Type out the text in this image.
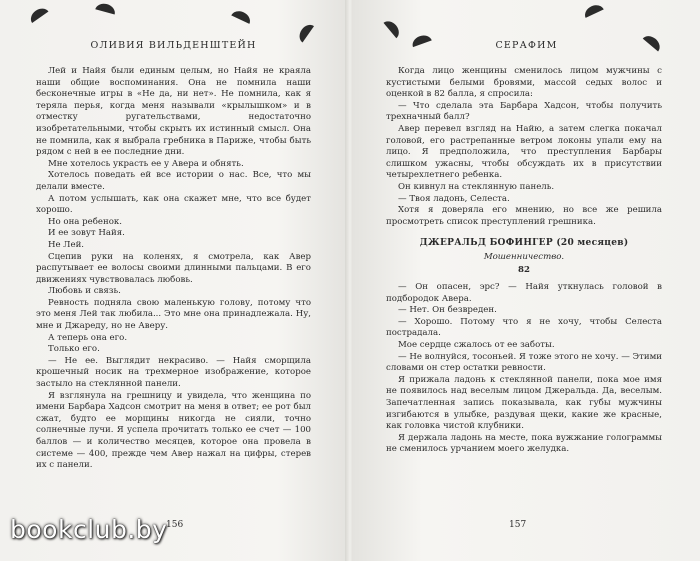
ОЛИВИЯ ВИЛЬДЕНШТЕЙН

Лей и Найя были единым целым, но Найя не краяла наши общие воспоминания. Она не помнила наши бесконечные игры в «Не да, ни нет». Не помнила, как я теряла перья, когда меня называли «крылышком» и в отместку ругательствами, недостаточно изобретательными, чтобы скрыть их истинный смысл. Она не помнила, как я выбрала гребника в Париже, чтобы быть рядом с ней в ее последние дни.

Мне хотелось украсть ее у Авера и обнять.

Хотелось поведать ей все истории о нас. Все, что мы делали вместе.

А потом услышать, как она скажет мне, что все будет хорошо.

Но она ребенок.

И ее зовут Найя.

Не Лей.

Сцепив руки на коленях, я смотрела, как Авер распутывает ее волосы своими длинными пальцами. В его движениях чувствовалась любовь.

Любовь и связь.

Ревность подняла свою маленькую голову, потому что это меня Лей так любила... Это мне она принадлежала. Ну, мне и Джареду, но не Аверу.

А теперь она его.

Только его.

— Не ее. Выглядит некрасиво. — Найя сморщила крошечный носик на трехмерное изображение, которое застыло на стеклянной панели.

Я взглянула на грешницу и увидела, что женщина по имени Барбара Хадсон смотрит на меня в ответ; ее рот был сжат, будто ее морщины никогда не сияли, точно солнечные лучи. Я успела прочитать только ее счет — 100 баллов — и количество месяцев, которое она провела в системе — 400, прежде чем Авер нажал на цифры, стерев их с панели.

156
СЕРАФИМ

Когда лицо женщины сменилось лицом мужчины с кустистыми белыми бровями, массой седых волос и оценкой в 82 балла, я спросила:

— Что сделала эта Барбара Хадсон, чтобы получить трехначный балл?

Авер перевел взгляд на Найю, а затем слегка покачал головой, его растрепанные ветром локоны упали ему на лицо. Я предположила, что преступления Барбары слишком ужасны, чтобы обсуждать их в присутствии четырехлетнего ребенка.

Он кивнул на стеклянную панель.

— Твоя ладонь, Селеста.

Хотя я доверяла его мнению, но все же решила просмотреть список преступлений грешника.

ДЖЕРАЛЬД БОФИНГЕР (20 месяцев)
Мошенничество.
82

— Он опасен, эрс? — Найя уткнулась головой в подбородок Авера.

— Нет. Он безвреден.

— Хорошо. Потому что я не хочу, чтобы Селеста пострадала.

Мое сердце сжалось от ее заботы.

— Не волнуйся, тосоньей. Я тоже этого не хочу. — Этими словами он стер остатки ревности.

Я прижала ладонь к стеклянной панели, пока мое имя не появилось над веселым лицом Джеральда. Да, веселым. Запечатленная запись показывала, как губы мужчины изгибаются в улыбке, раздувая щеки, какие же красные, как головка чистой клубники.

Я держала ладонь на месте, пока вужжание голограммы не сменилось урчанием моего желудка.

157
bookclub.by
